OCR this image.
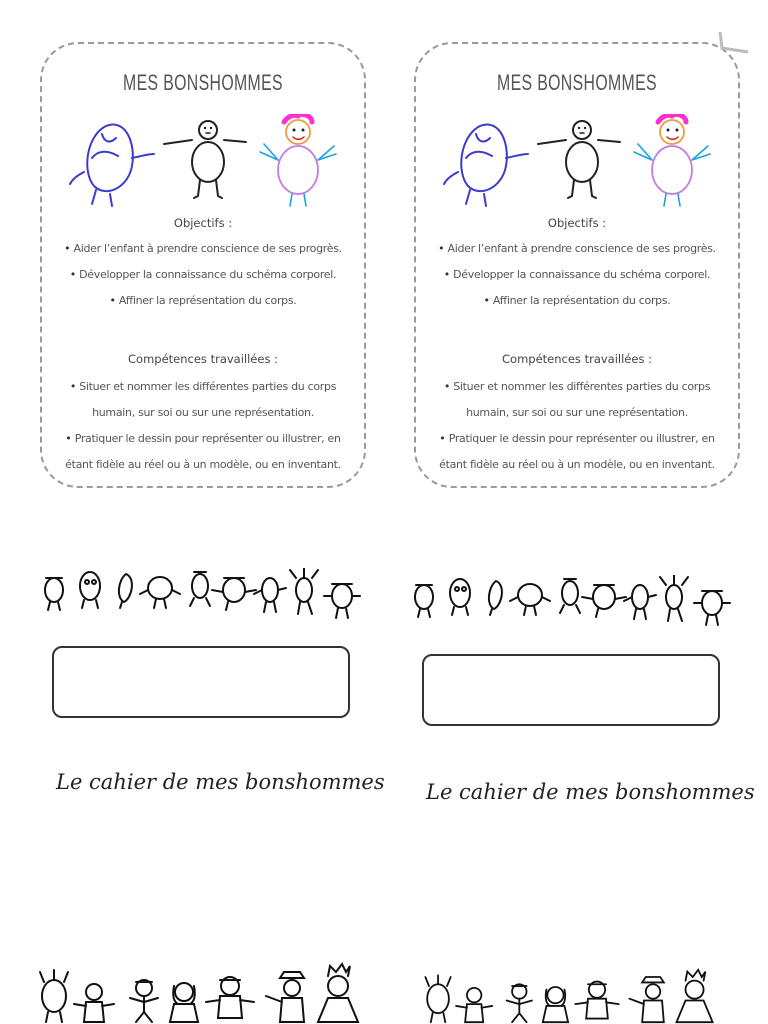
MES BONSHOMMES
Objectifs :
• Aider l’enfant à prendre conscience de ses progrès.
• Développer la connaissance du schéma corporel.
• Affiner la représentation du corps.
Compétences travaillées :
• Situer et nommer les différentes parties du corps
humain, sur soi ou sur une représentation.
• Pratiquer le dessin pour représenter ou illustrer, en
étant fidèle au réel ou à un modèle, ou en inventant.
MES BONSHOMMES
Objectifs :
• Aider l’enfant à prendre conscience de ses progrès.
• Développer la connaissance du schéma corporel.
• Affiner la représentation du corps.
Compétences travaillées :
• Situer et nommer les différentes parties du corps
humain, sur soi ou sur une représentation.
• Pratiquer le dessin pour représenter ou illustrer, en
étant fidèle au réel ou à un modèle, ou en inventant.
Le cahier de mes bonshommes Le cahier de mes bonshommes
